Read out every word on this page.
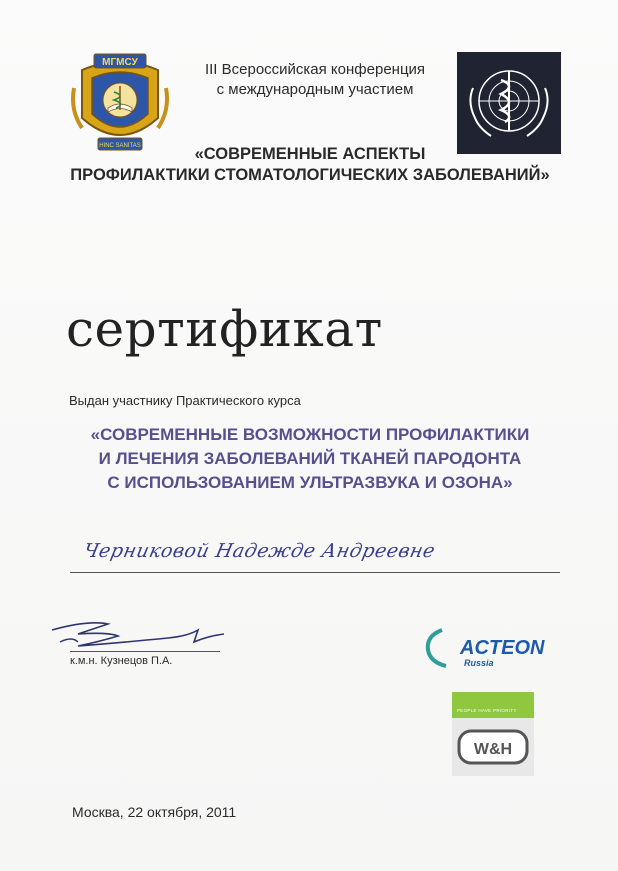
МГМСУ
HINC SANITAS
III Всероссийская конференция
с международным участием
«СОВРЕМЕННЫЕ АСПЕКТЫ
ПРОФИЛАКТИКИ СТОМАТОЛОГИЧЕСКИХ ЗАБОЛЕВАНИЙ»
сертификат
Выдан участнику Практического курса
«СОВРЕМЕННЫЕ ВОЗМОЖНОСТИ ПРОФИЛАКТИКИ
И ЛЕЧЕНИЯ ЗАБОЛЕВАНИЙ ТКАНЕЙ ПАРОДОНТА
С ИСПОЛЬЗОВАНИЕМ УЛЬТРАЗВУКА И ОЗОНА»
Черниковой Надежде Андреевне
к.м.н. Кузнецов П.А.
ACTEON
Russia
PEOPLE HAVE PRIORITY
W&H
Москва, 22 октября, 2011
